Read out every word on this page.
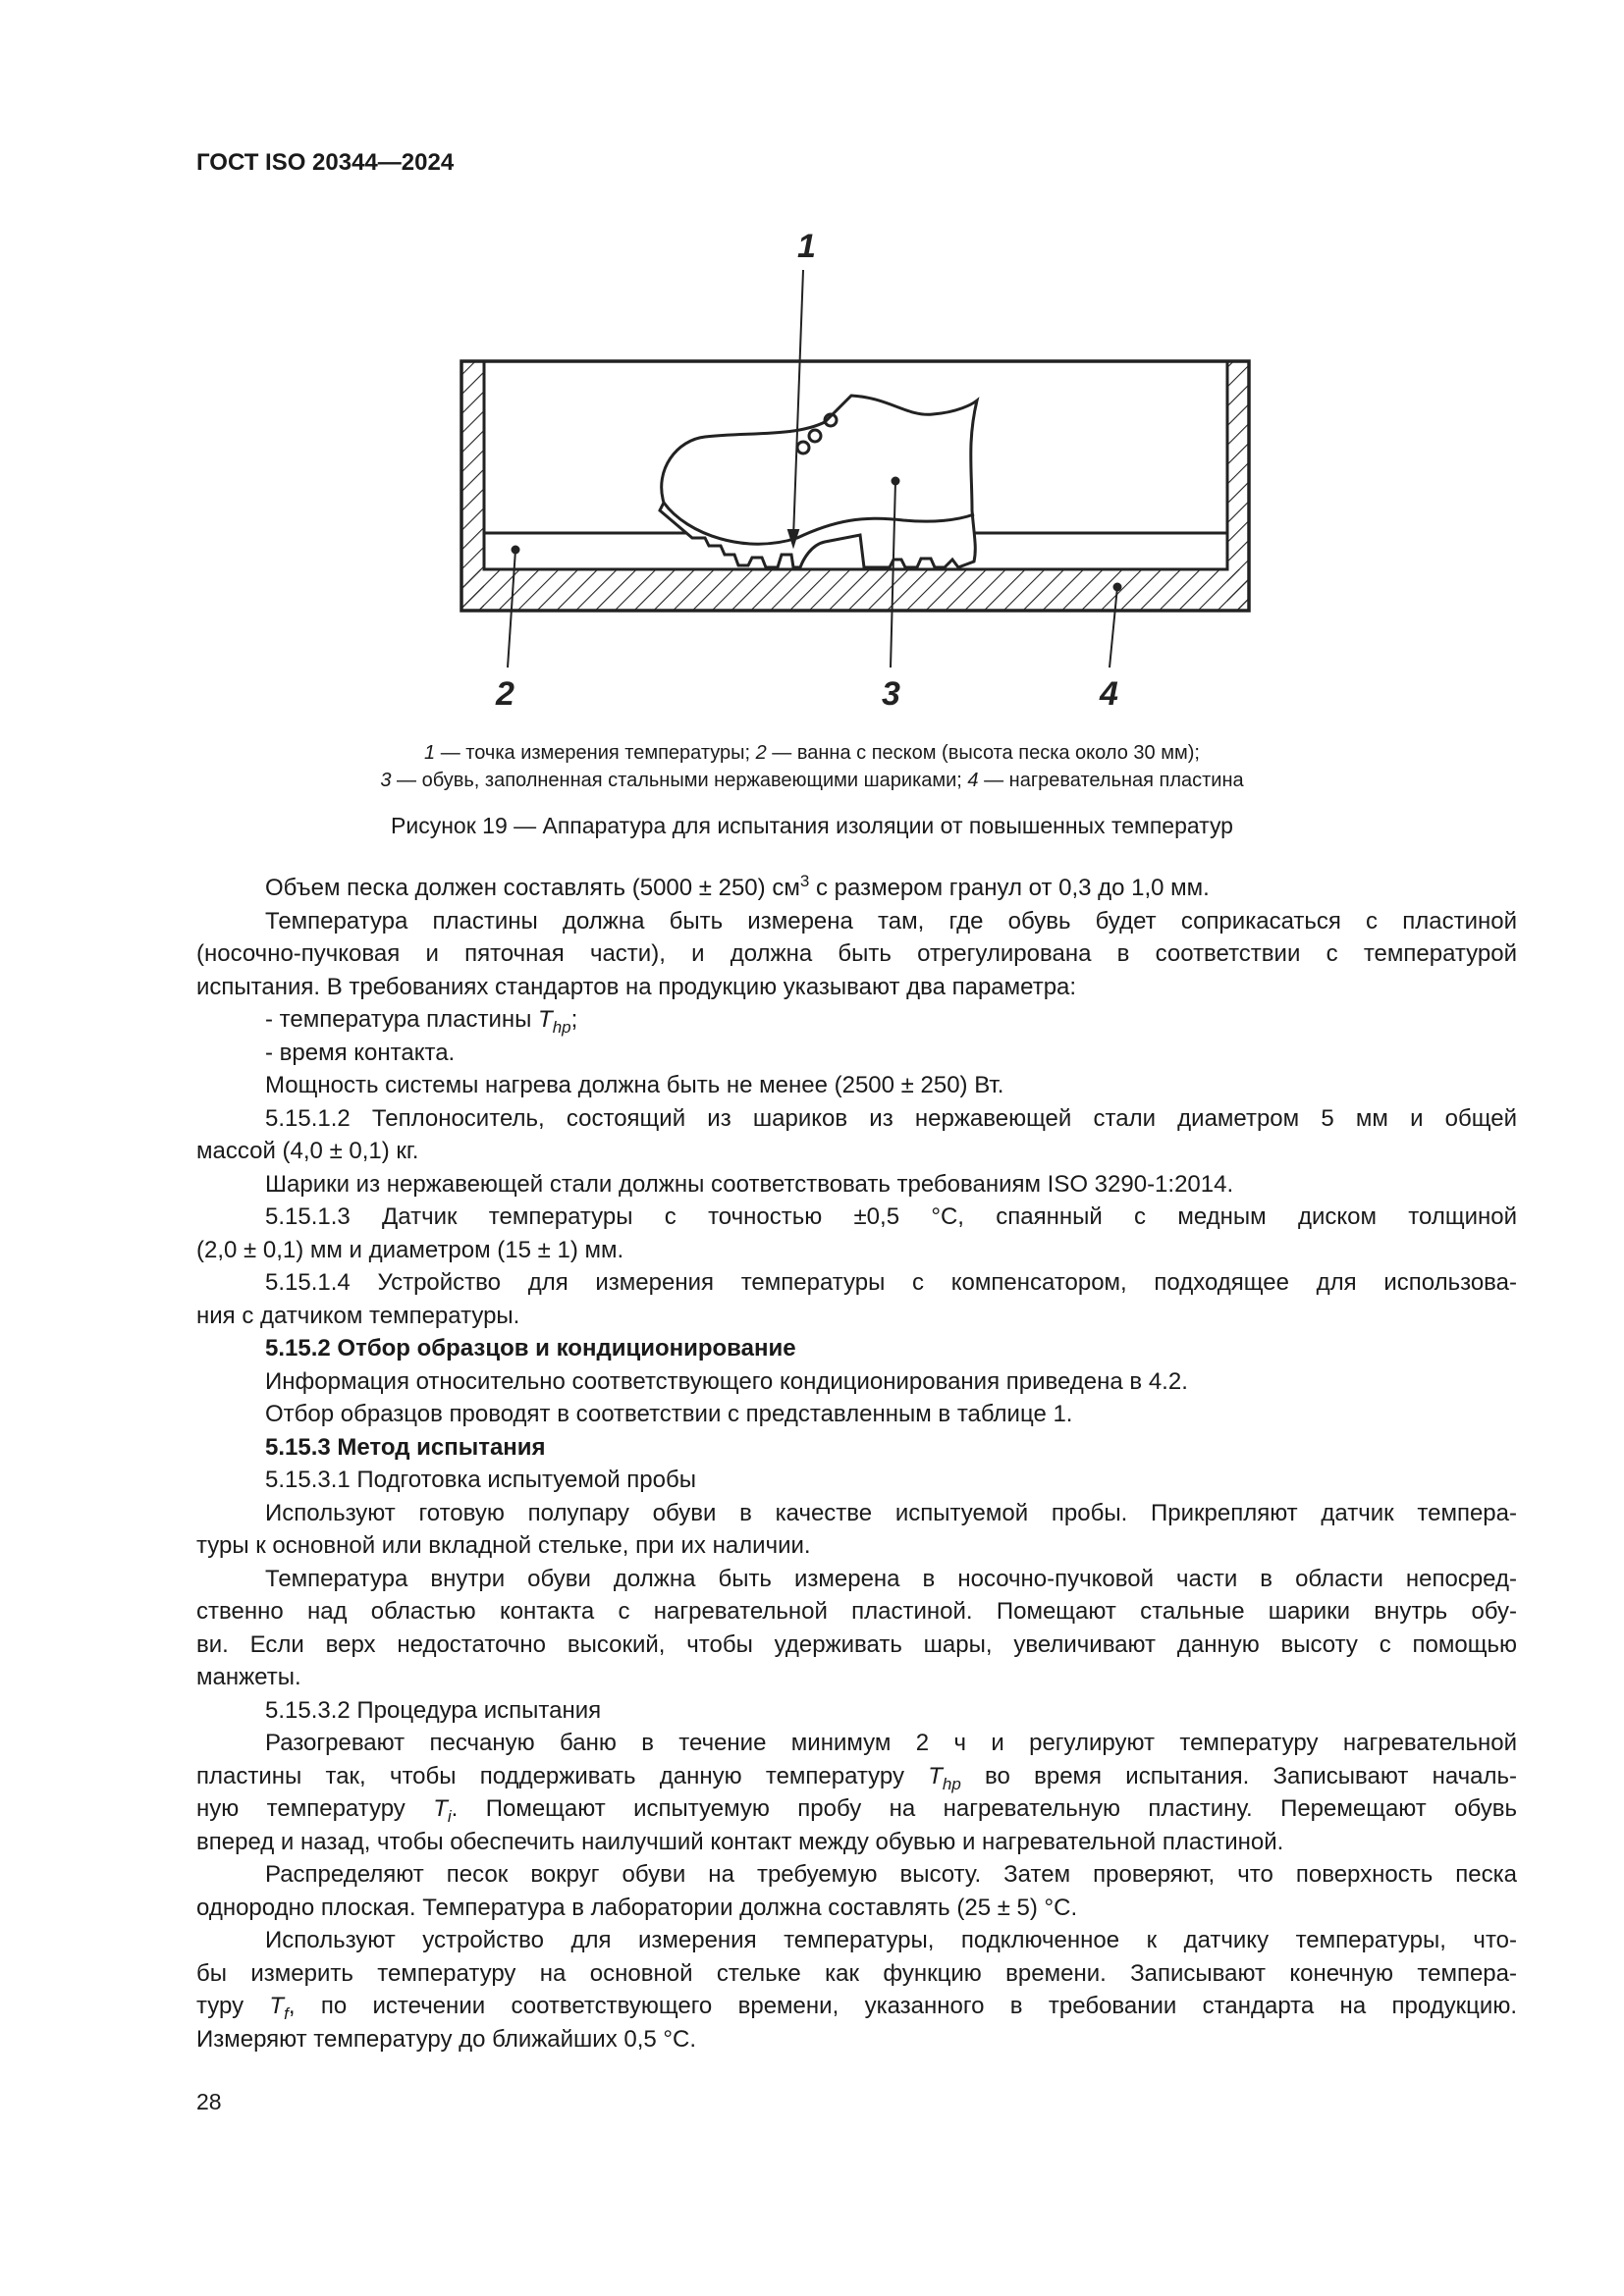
ГОСТ ISO 20344—2024
1
2	3	4
1 — точка измерения температуры; 2 — ванна с песком (высота песка около 30 мм);
3 — обувь, заполненная стальными нержавеющими шариками; 4 — нагревательная пластина
Рисунок 19 — Аппаратура для испытания изоляции от повышенных температур
Объем песка должен составлять (5000 ± 250) $см^3$ с размером гранул от 0,3 до 1,0 мм.
Температура пластины должна быть измерена там, где обувь будет соприкасаться с пластиной
(носочно-пучковая и пяточная части), и должна быть отрегулирована в соответствии с температурой
испытания. В требованиях стандартов на продукцию указывают два параметра:
- температура пластины $T_{hp}$;
- время контакта.
Мощность системы нагрева должна быть не менее (2500 ± 250) Вт.
5.15.1.2 Теплоноситель, состоящий из шариков из нержавеющей стали диаметром 5 мм и общей
массой (4,0 ± 0,1) кг.
Шарики из нержавеющей стали должны соответствовать требованиям ISO 3290-1:2014.
5.15.1.3 Датчик температуры с точностью ±0,5 °С, спаянный с медным диском толщиной
(2,0 ± 0,1) мм и диаметром (15 ± 1) мм.
5.15.1.4 Устройство для измерения температуры с компенсатором, подходящее для использова-
ния с датчиком температуры.
5.15.2 Отбор образцов и кондиционирование
Информация относительно соответствующего кондиционирования приведена в 4.2.
Отбор образцов проводят в соответствии с представленным в таблице 1.
5.15.3 Метод испытания
5.15.3.1 Подготовка испытуемой пробы
Используют готовую полупару обуви в качестве испытуемой пробы. Прикрепляют датчик темпера-
туры к основной или вкладной стельке, при их наличии.
Температура внутри обуви должна быть измерена в носочно-пучковой части в области непосред-
ственно над областью контакта с нагревательной пластиной. Помещают стальные шарики внутрь обу-
ви. Если верх недостаточно высокий, чтобы удерживать шары, увеличивают данную высоту с помощью
манжеты.
5.15.3.2 Процедура испытания
Разогревают песчаную баню в течение минимум 2 ч и регулируют температуру нагревательной
пластины так, чтобы поддерживать данную температуру $T_{hp}$ во время испытания. Записывают началь-
ную температуру $T_i$. Помещают испытуемую пробу на нагревательную пластину. Перемещают обувь
вперед и назад, чтобы обеспечить наилучший контакт между обувью и нагревательной пластиной.
Распределяют песок вокруг обуви на требуемую высоту. Затем проверяют, что поверхность песка
однородно плоская. Температура в лаборатории должна составлять (25 ± 5) °С.
Используют устройство для измерения температуры, подключенное к датчику температуры, что-
бы измерить температуру на основной стельке как функцию времени. Записывают конечную темпера-
туру $T_f$, по истечении соответствующего времени, указанного в требовании стандарта на продукцию.
Измеряют температуру до ближайших 0,5 °С.
28
